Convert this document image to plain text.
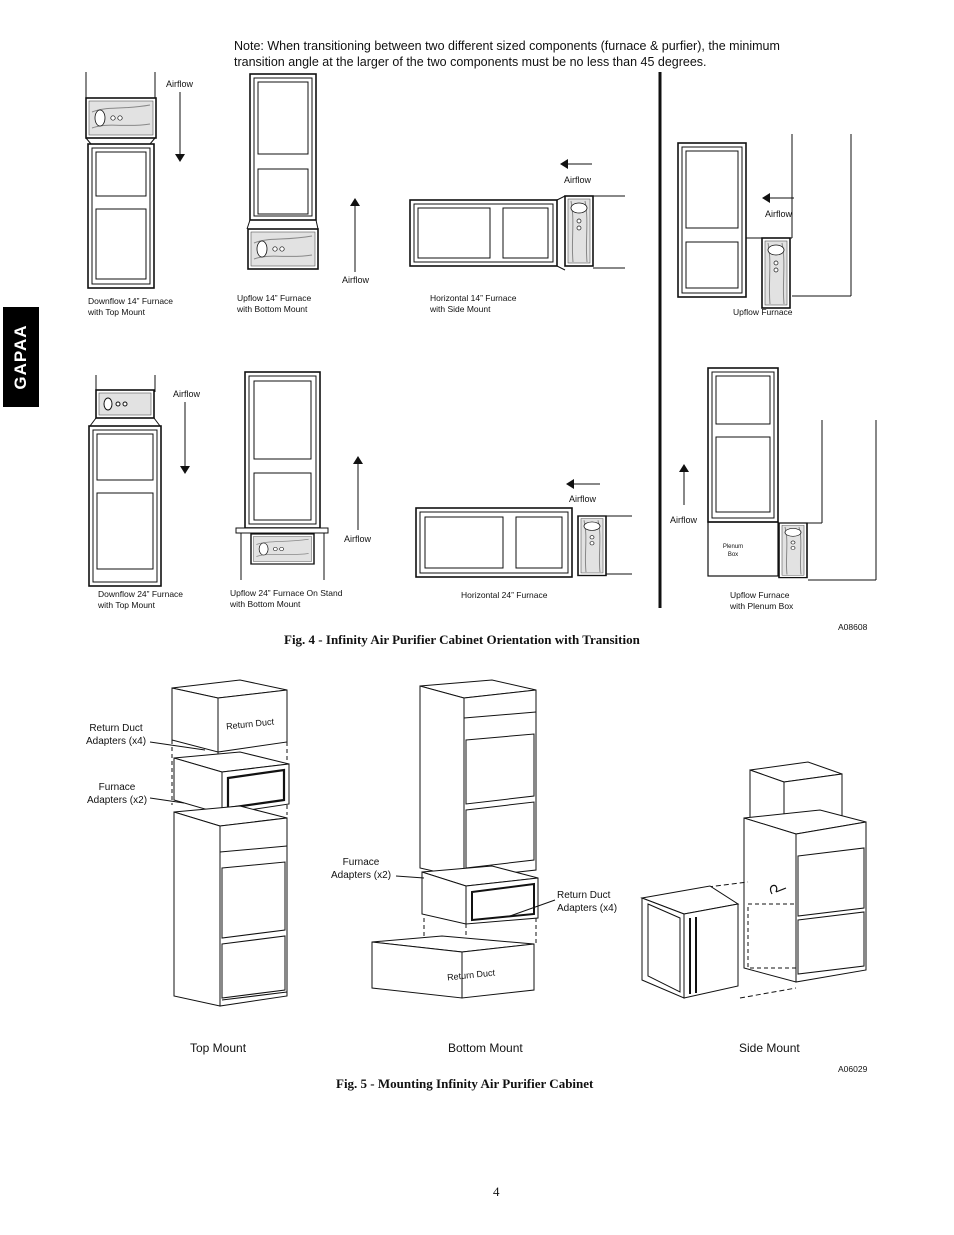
GAPAA
Note: When transitioning between two different sized components (furnace & purfier), the minimum transition angle at the larger of the two components must be no less than 45 degrees.
Airflow
Airflow
Airflow
Airflow
Airflow
Airflow
Airflow
Airflow
Plenum
Box
Downflow 14” Furnace
with Top Mount
Upflow 14” Furnace
with Bottom Mount
Horizontal 14” Furnace
with Side Mount	Upflow Furnace
Downflow 24” Furnace
with Top Mount
Upflow 24” Furnace On Stand
with Bottom Mount
Horizontal 24” Furnace	Upflow Furnace
with Plenum Box
A08608
Fig. 4 - Infinity Air Purifier Cabinet Orientation with Transition
Return Duct
Return Duct
Adapters (x4)
Furnace
Adapters (x2)
Furnace
Adapters (x2)
Return Duct
Adapters (x4)
Return Duct
Top Mount	Bottom Mount	Side Mount
A06029
Fig. 5 - Mounting Infinity Air Purifier Cabinet
4
